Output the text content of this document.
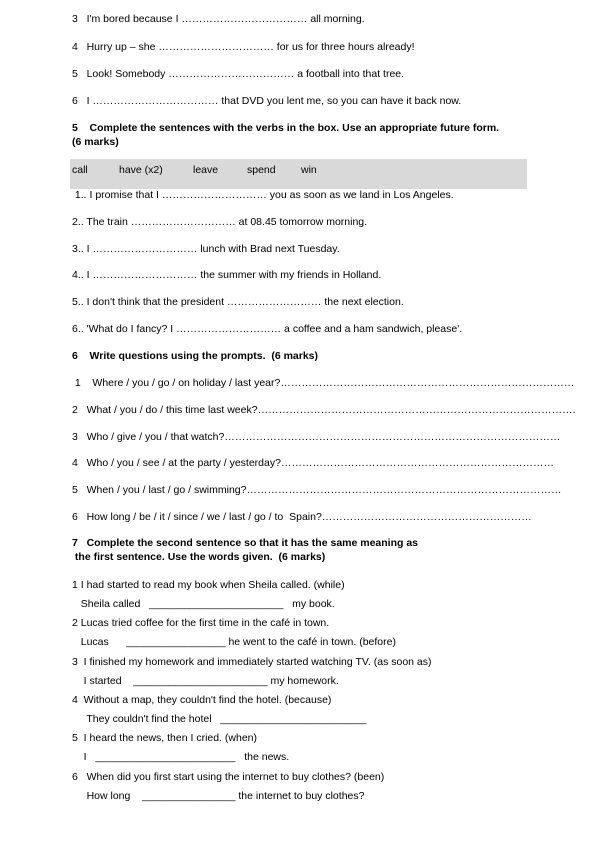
3   I'm bored because I ……………………………… all morning.
4   Hurry up – she …………………………… for us for three hours already!
5   Look! Somebody ……………………………… a football into that tree.
6   I ……………………………… that DVD you lent me, so you can have it back now.
5    Complete the sentences with the verbs in the box. Use an appropriate future form.
(6 marks)
call	have (x2)	leave	spend win
1.. I promise that I ………………………… you as soon as we land in Los Angeles.
2.. The train ………………………… at 08.45 tomorrow morning.
3.. I ………………………… lunch with Brad next Tuesday.
4.. I ………………………… the summer with my friends in Holland.
5.. I don't think that the president ……………………… the next election.
6.. 'What do I fancy? I ………………………… a coffee and a ham sandwich, please'.
6    Write questions using the prompts.  (6 marks)
1    Where / you / go / on holiday / last year?…………………………………………………………………………
2   What / you / do / this time last week?……………………………………………………………………………….
3   Who / give / you / that watch?……………………………………………………………………………………
4   Who / you / see / at the party / yesterday?……………………………………………………………………
5   When / you / last / go / swimming?………………………………………………………………………………
6   How long / be / it / since / we / last / go / to  Spain?……………………………………………………
7   Complete the second sentence so that it has the same meaning as
the first sentence. Use the words given.  (6 marks)
1 I had started to read my book when Sheila called. (while)
Sheila called   _______________________   my book.
2 Lucas tried coffee for the first time in the café in town.
Lucas      _________________ he went to the café in town. (before)
3  I finished my homework and immediately started watching TV. (as soon as)
I started    _______________________ my homework.
4  Without a map, they couldn't find the hotel. (because)
They couldn't find the hotel   _________________________
5  I heard the news, then I cried. (when)
I   ________________________   the news.
6   When did you first start using the internet to buy clothes? (been)
How long    ________________ the internet to buy clothes?
